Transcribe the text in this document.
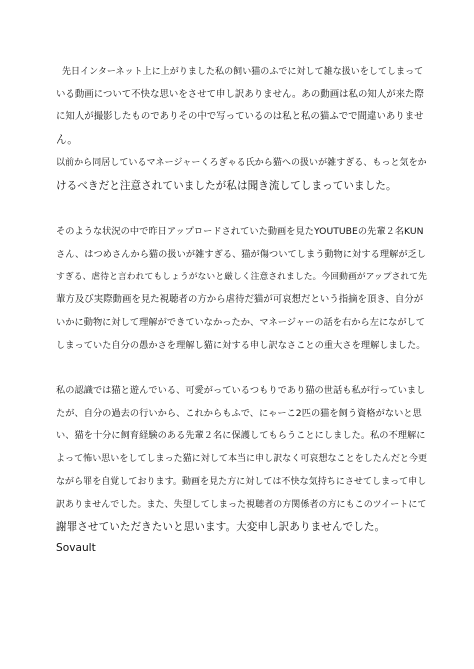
先日インターネット上に上がりました私の飼い猫のふでに対して雑な扱いをしてしまって
いる動画について不快な思いをさせて申し訳ありません。あの動画は私の知人が来た際
に知人が撮影したものでありその中で写っているのは私と私の猫ふでで間違いありませ
ん。
以前から同居しているマネージャーくろぎゃる氏から猫への扱いが雑すぎる、もっと気をか
けるべきだと注意されていましたが私は聞き流してしまっていました。
そのような状況の中で昨日アップロードされていた動画を見たYOUTUBEの先輩２名KUN
さん、はつめさんから猫の扱いが雑すぎる、猫が傷ついてしまう動物に対する理解が乏し
すぎる、虐待と言われてもしょうがないと厳しく注意されました。今回動画がアップされて先
輩方及び実際動画を見た視聴者の方から虐待だ猫が可哀想だという指摘を頂き、自分が
いかに動物に対して理解ができていなかったか、マネージャーの話を右から左にながして
しまっていた自分の愚かさを理解し猫に対する申し訳なさことの重大さを理解しました。
私の認識では猫と遊んでいる、可愛がっているつもりであり猫の世話も私が行っていまし
たが、自分の過去の行いから、これからもふで、にゃーこ2匹の猫を飼う資格がないと思
い、猫を十分に飼育経験のある先輩２名に保護してもらうことにしました。私の不理解に
よって怖い思いをしてしまった猫に対して本当に申し訳なく可哀想なことをしたんだと今更
ながら罪を自覚しております。動画を見た方に対しては不快な気持ちにさせてしまって申し
訳ありませんでした。また、失望してしまった視聴者の方関係者の方にもこのツイートにて
謝罪させていただきたいと思います。大変申し訳ありませんでした。

Sovault
